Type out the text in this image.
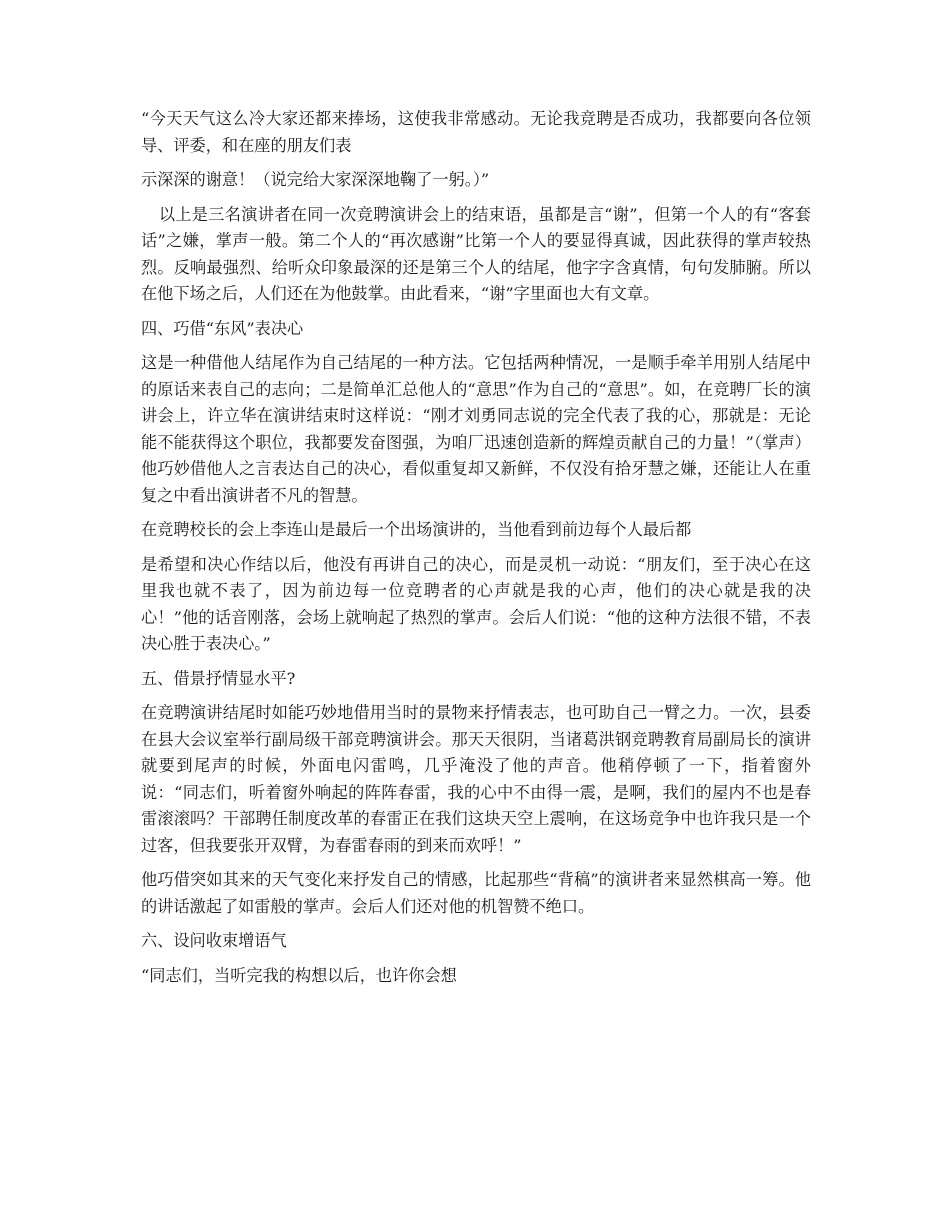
“今天天气这么冷大家还都来捧场，这使我非常感动。无论我竞聘是否成功，我都要向各位领导、评委，和在座的朋友们表

示深深的谢意！（说完给大家深深地鞠了一躬。）”

以上是三名演讲者在同一次竞聘演讲会上的结束语，虽都是言“谢”，但第一个人的有“客套话”之嫌，掌声一般。第二个人的“再次感谢”比第一个人的要显得真诚，因此获得的掌声较热烈。反响最强烈、给听众印象最深的还是第三个人的结尾，他字字含真情，句句发肺腑。所以在他下场之后，人们还在为他鼓掌。由此看来，“谢”字里面也大有文章。

四、巧借“东风”表决心

这是一种借他人结尾作为自己结尾的一种方法。它包括两种情况，一是顺手牵羊用别人结尾中的原话来表自己的志向；二是简单汇总他人的“意思”作为自己的“意思”。如，在竞聘厂长的演讲会上，许立华在演讲结束时这样说：“刚才刘勇同志说的完全代表了我的心，那就是：无论能不能获得这个职位，我都要发奋图强，为咱厂迅速创造新的辉煌贡献自己的力量！”（掌声）他巧妙借他人之言表达自己的决心，看似重复却又新鲜，不仅没有拾牙慧之嫌，还能让人在重复之中看出演讲者不凡的智慧。

在竞聘校长的会上李连山是最后一个出场演讲的，当他看到前边每个人最后都

是希望和决心作结以后，他没有再讲自己的决心，而是灵机一动说：“朋友们，至于决心在这里我也就不表了，因为前边每一位竞聘者的心声就是我的心声，他们的决心就是我的决心！”他的话音刚落，会场上就响起了热烈的掌声。会后人们说：“他的这种方法很不错，不表决心胜于表决心。”

五、借景抒情显水平?

在竞聘演讲结尾时如能巧妙地借用当时的景物来抒情表志，也可助自己一臂之力。一次，县委在县大会议室举行副局级干部竞聘演讲会。那天天很阴，当诸葛洪钢竞聘教育局副局长的演讲就要到尾声的时候，外面电闪雷鸣，几乎淹没了他的声音。他稍停顿了一下，指着窗外说：“同志们，听着窗外响起的阵阵春雷，我的心中不由得一震，是啊，我们的屋内不也是春雷滚滚吗？干部聘任制度改革的春雷正在我们这块天空上震响，在这场竞争中也许我只是一个过客，但我要张开双臂，为春雷春雨的到来而欢呼！”

他巧借突如其来的天气变化来抒发自己的情感，比起那些“背稿”的演讲者来显然棋高一筹。他的讲话激起了如雷般的掌声。会后人们还对他的机智赞不绝口。

六、设问收束增语气

“同志们，当听完我的构想以后，也许你会想
